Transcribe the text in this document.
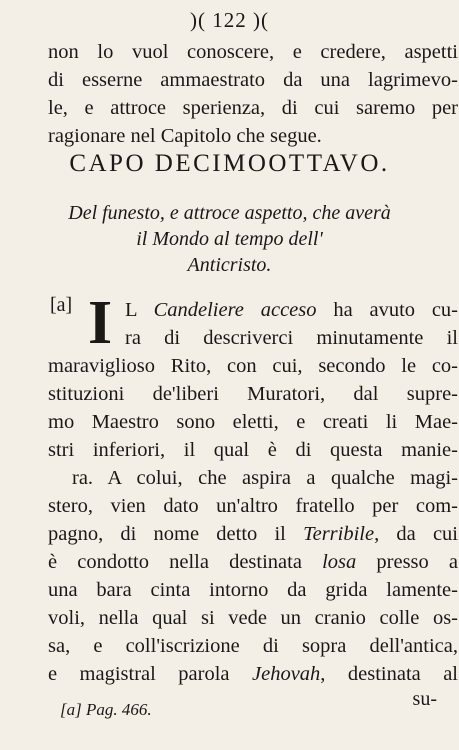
)( 122 )(
non lo vuol conoscere, e credere, aspetti
di esserne ammaestrato da una lagrimevo-
le, e attroce sperienza, di cui saremo per
ragionare nel Capitolo che segue.
CAPO DECIMOOTTAVO.
Del funesto, e attroce aspetto, che averà
il Mondo al tempo dell'
Anticristo.
[a] I L Candeliere acceso ha avuto cu-
ra di descriverci minutamente il
maraviglioso Rito, con cui, secondo le co-
stituzioni de'liberi Muratori, dal supre-
mo Maestro sono eletti, e creati li Mae-
stri inferiori, il qual è di questa manie-
ra. A colui, che aspira a qualche magi-
stero, vien dato un'altro fratello per com-
pagno, di nome detto il Terribile, da cui
è condotto nella destinata losa presso a
una bara cinta intorno da grida lamente-
voli, nella qual si vede un cranio colle os-
sa, e coll'iscrizione di sopra dell'antica,
e magistral parola Jehovah, destinata al
su-
[a] Pag. 466.
